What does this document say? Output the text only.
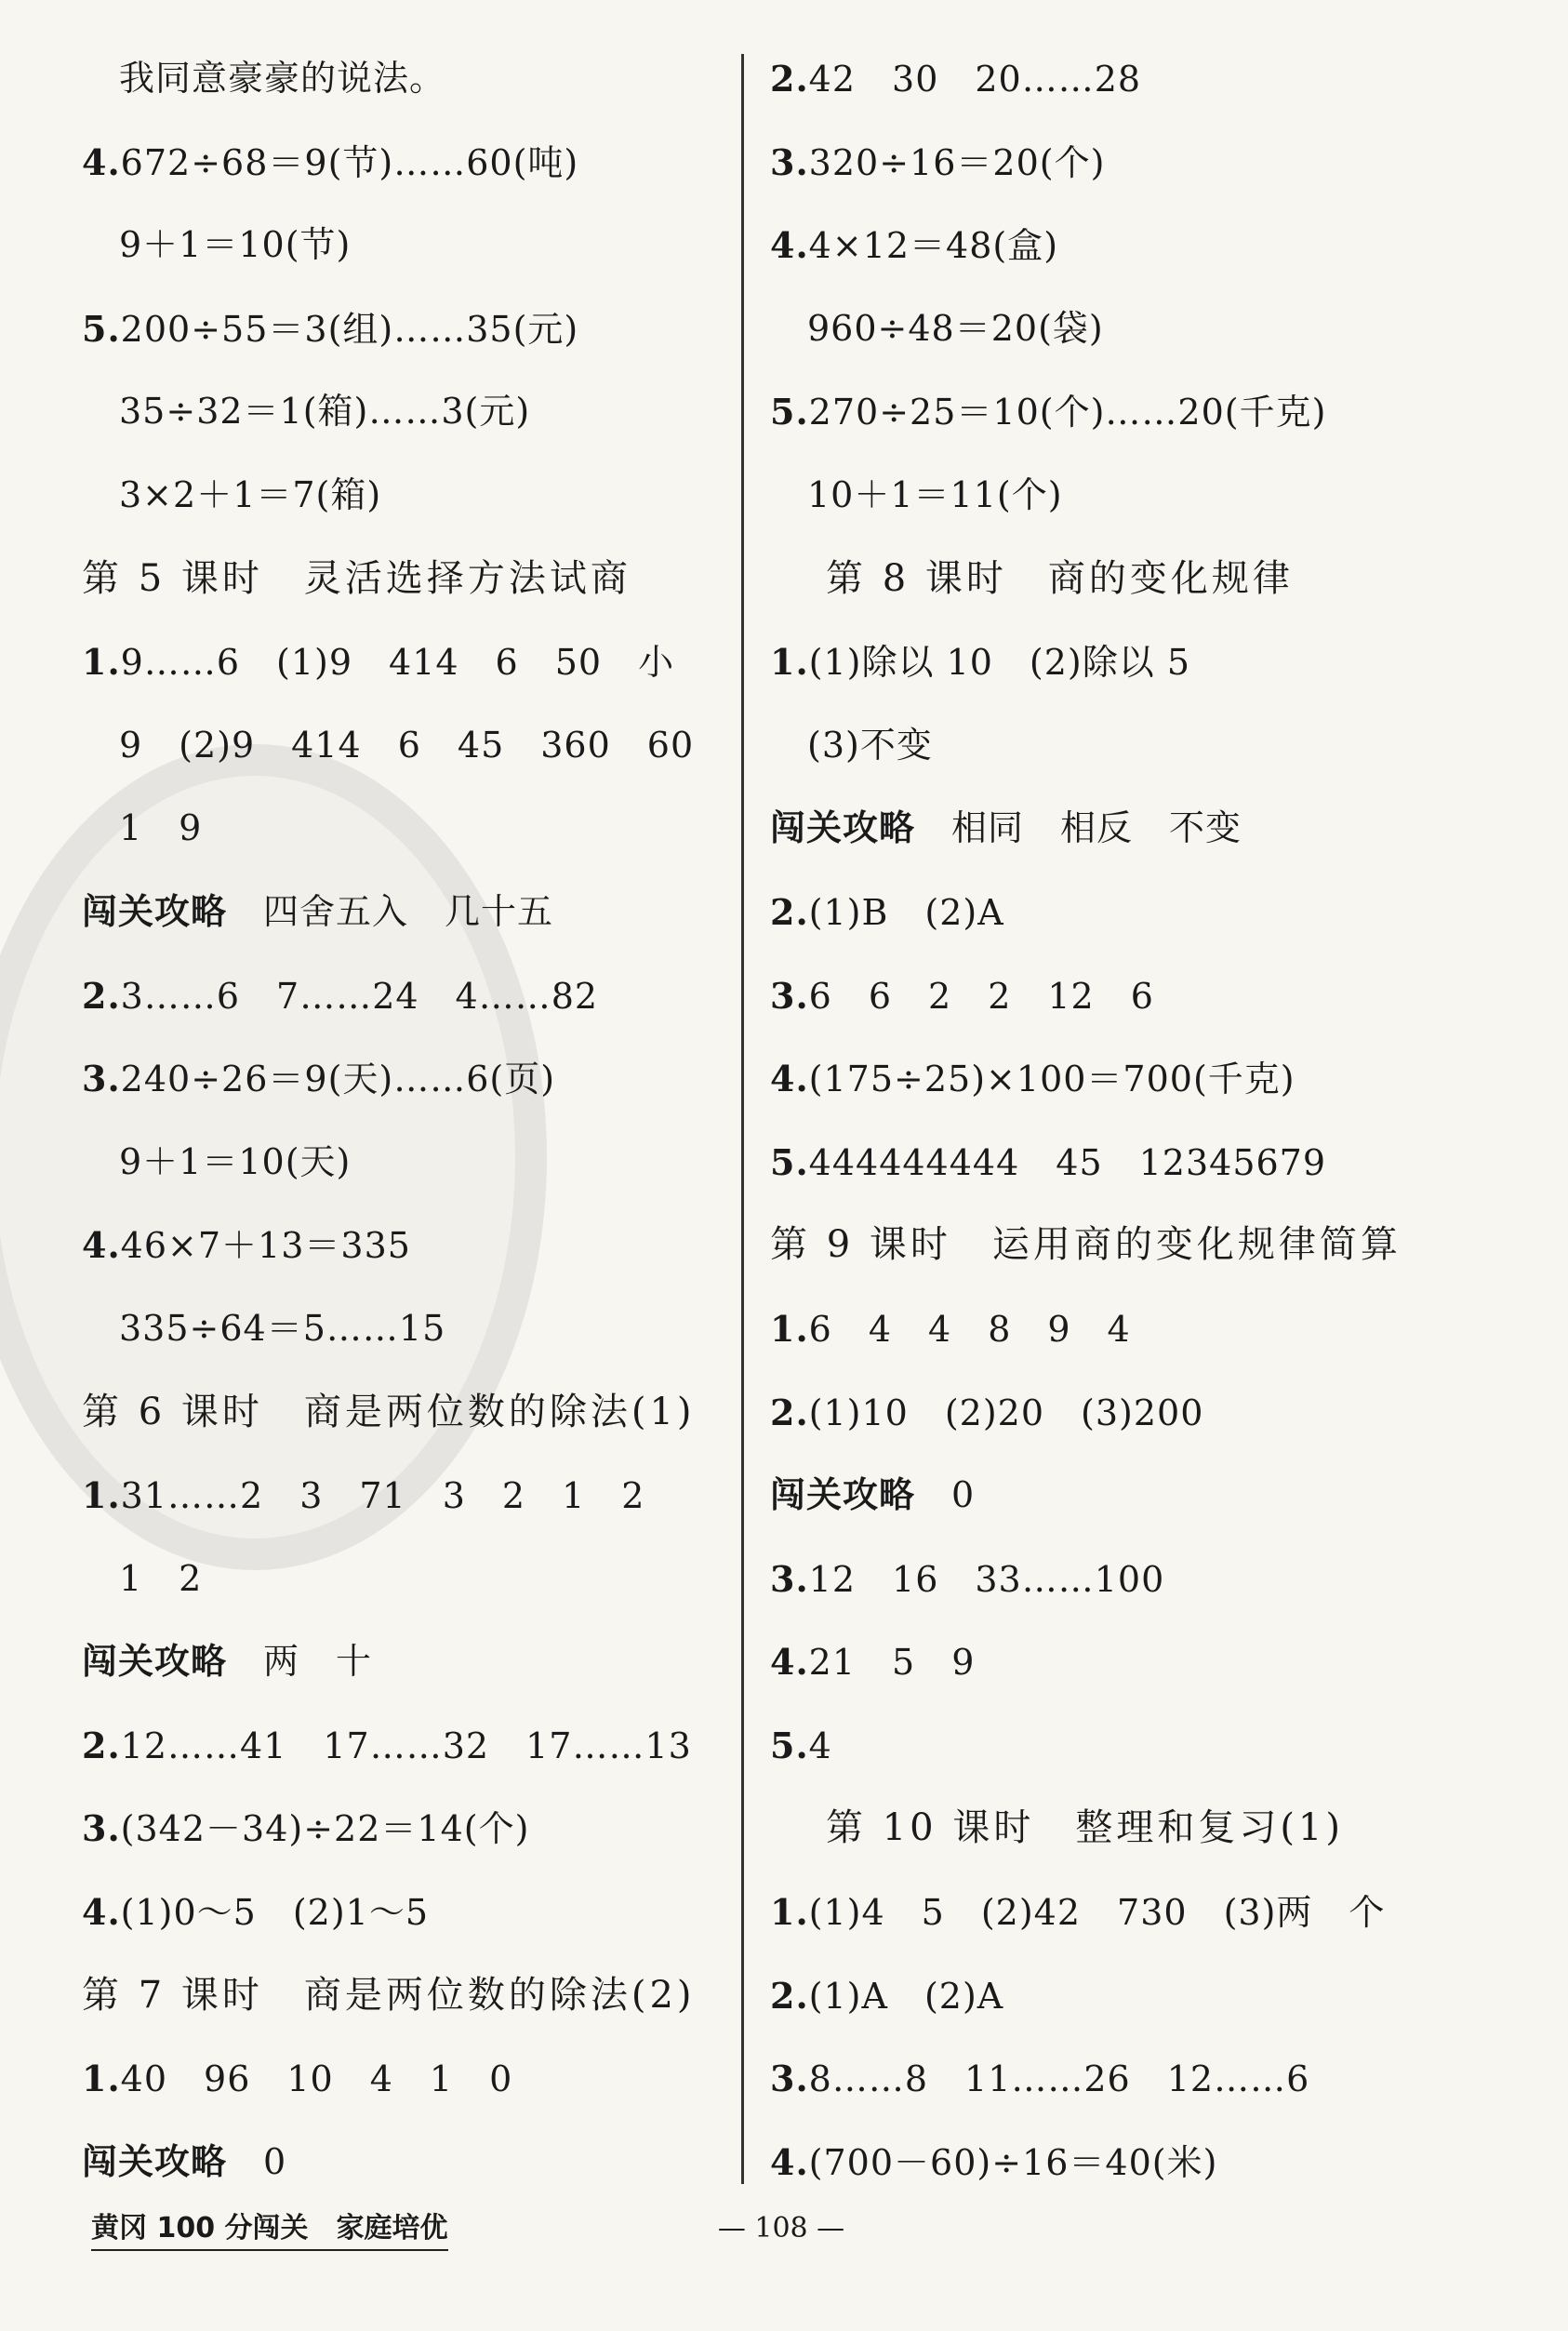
我同意豪豪的说法。
4.672÷68＝9(节)……60(吨)
9＋1＝10(节)
5.200÷55＝3(组)……35(元)
35÷32＝1(箱)……3(元)
3×2＋1＝7(箱)
第 5 课时　灵活选择方法试商
1.9……6　(1)9　414　6　50　小
9　(2)9　414　6　45　360　60
1　9
闯关攻略　四舍五入　几十五
2.3……6　7……24　4……82
3.240÷26＝9(天)……6(页)
9＋1＝10(天)
4.46×7＋13＝335
335÷64＝5……15
第 6 课时　商是两位数的除法(1)
1.31……2　3　71　3　2　1　2
1　2
闯关攻略　两　十
2.12……41　17……32　17……13
3.(342－34)÷22＝14(个)
4.(1)0～5　(2)1～5
第 7 课时　商是两位数的除法(2)
1.40　96　10　4　1　0
闯关攻略　0
2.42　30　20……28
3.320÷16＝20(个)
4.4×12＝48(盒)
960÷48＝20(袋)
5.270÷25＝10(个)……20(千克)
10＋1＝11(个)
第 8 课时　商的变化规律
1.(1)除以 10　(2)除以 5
(3)不变
闯关攻略　相同　相反　不变
2.(1)B　(2)A
3.6　6　2　2　12　6
4.(175÷25)×100＝700(千克)
5.444444444　45　12345679
第 9 课时　运用商的变化规律简算
1.6　4　4　8　9　4
2.(1)10　(2)20　(3)200
闯关攻略　0
3.12　16　33……100
4.21　5　9
5.4
第 10 课时　整理和复习(1)
1.(1)4　5　(2)42　730　(3)两　个
2.(1)A　(2)A
3.8……8　11……26　12……6
4.(700－60)÷16＝40(米)
黄冈 100 分闯关　家庭培优	— 108 —
